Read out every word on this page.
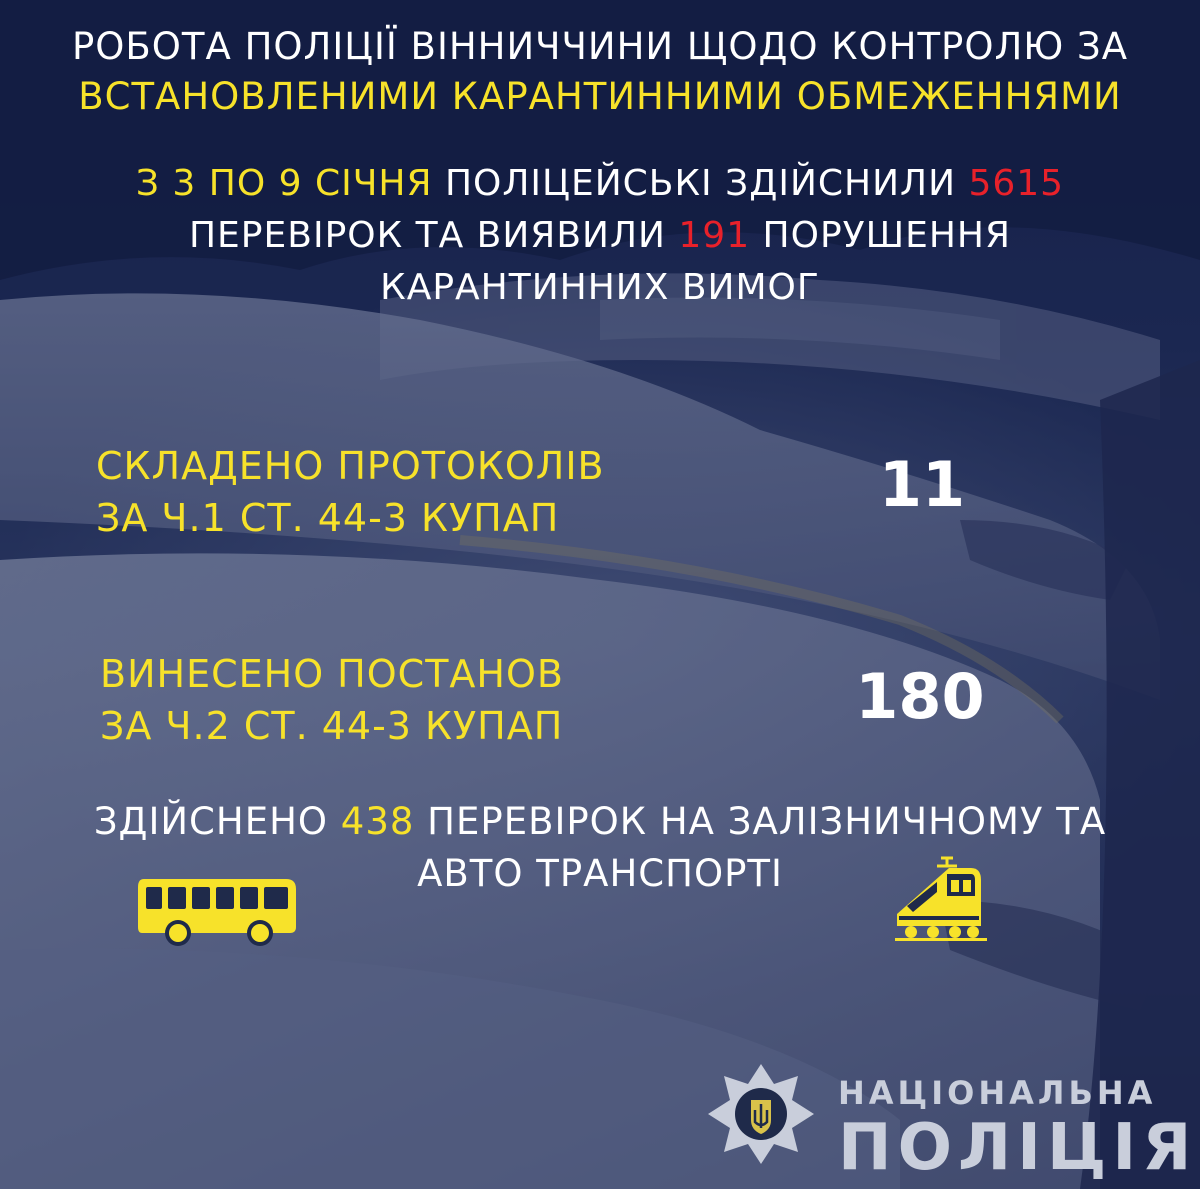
РОБОТА ПОЛІЦІЇ ВІННИЧЧИНИ ЩОДО КОНТРОЛЮ ЗА
ВСТАНОВЛЕНИМИ КАРАНТИННИМИ ОБМЕЖЕННЯМИ
З 3 ПО 9 СІЧНЯ ПОЛІЦЕЙСЬКІ ЗДІЙСНИЛИ 5615
ПЕРЕВІРОК ТА ВИЯВИЛИ 191 ПОРУШЕННЯ
КАРАНТИННИХ ВИМОГ
СКЛАДЕНО ПРОТОКОЛІВ
ЗА Ч.1 СТ. 44-3 КУПАП	11
ВИНЕСЕНО ПОСТАНОВ
ЗА Ч.2 СТ. 44-3 КУПАП	180
ЗДІЙСНЕНО 438 ПЕРЕВІРОК НА ЗАЛІЗНИЧНОМУ ТА
АВТО ТРАНСПОРТІ
НАЦІОНАЛЬНА
ПОЛІЦІЯ
